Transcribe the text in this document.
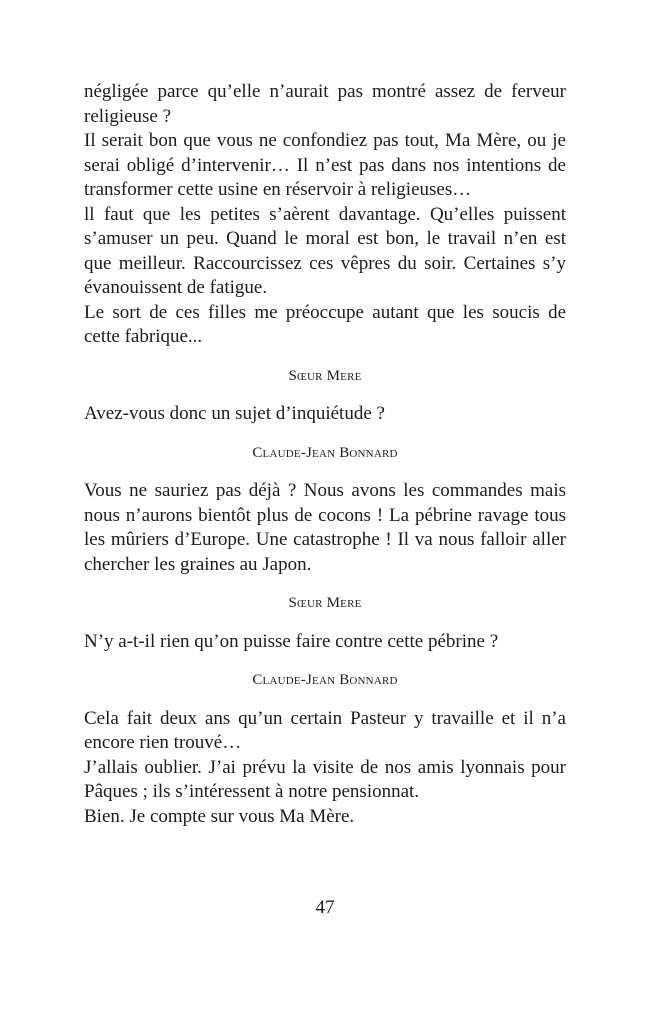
négligée parce qu’elle n’aurait pas montré assez de ferveur religieuse ?

Il serait bon que vous ne confondiez pas tout, Ma Mère, ou je serai obligé d’intervenir… Il n’est pas dans nos intentions de transformer cette usine en réservoir à religieuses…

ll faut que les petites s’aèrent davantage. Qu’elles puissent s’amuser un peu. Quand le moral est bon, le travail n’en est que meilleur. Raccourcissez ces vêpres du soir. Certaines s’y évanouissent de fatigue.

Le sort de ces filles me préoccupe autant que les soucis de cette fabrique...

Sœur Mere

Avez-vous donc un sujet d’inquiétude ?

Claude-Jean Bonnard

Vous ne sauriez pas déjà ? Nous avons les commandes mais nous n’aurons bientôt plus de cocons ! La pébrine ravage tous les mûriers d’Europe. Une catastrophe ! Il va nous falloir aller chercher les graines au Japon.

Sœur Mere

N’y a-t-il rien qu’on puisse faire contre cette pébrine ?

Claude-Jean Bonnard

Cela fait deux ans qu’un certain Pasteur y travaille et il n’a encore rien trouvé…

J’allais oublier. J’ai prévu la visite de nos amis lyonnais pour Pâques ; ils s’intéressent à notre pensionnat.

Bien. Je compte sur vous Ma Mère.

47
